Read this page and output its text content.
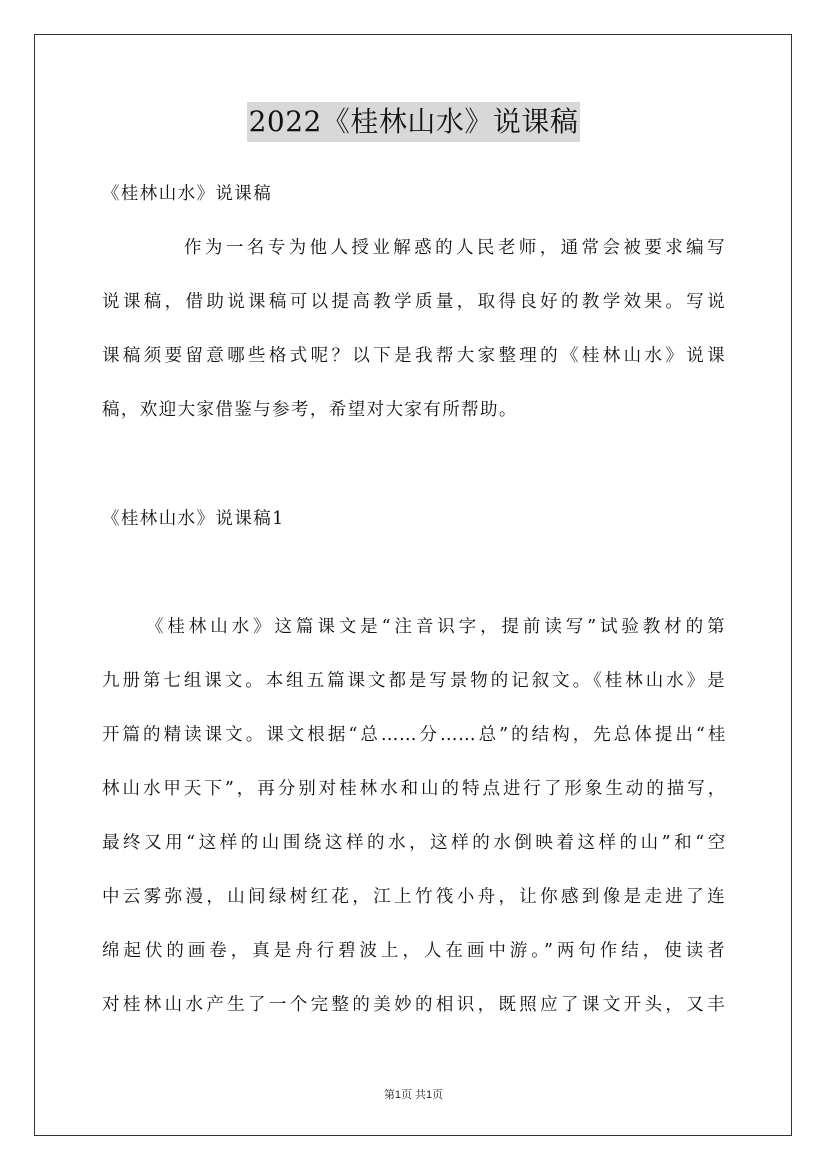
2022《桂林山水》说课稿
《桂林山水》说课稿
作为一名专为他人授业解惑的人民老师，通常会被要求编写
说课稿，借助说课稿可以提高教学质量，取得良好的教学效果。写说
课稿须要留意哪些格式呢？以下是我帮大家整理的《桂林山水》说课
稿，欢迎大家借鉴与参考，希望对大家有所帮助。
《桂林山水》说课稿1
《桂林山水》这篇课文是“注音识字，提前读写”试验教材的第
九册第七组课文。本组五篇课文都是写景物的记叙文。《桂林山水》是
开篇的精读课文。课文根据“总……分……总”的结构，先总体提出“桂
林山水甲天下”，再分别对桂林水和山的特点进行了形象生动的描写，
最终又用“这样的山围绕这样的水，这样的水倒映着这样的山”和“空
中云雾弥漫，山间绿树红花，江上竹筏小舟，让你感到像是走进了连
绵起伏的画卷，真是舟行碧波上，人在画中游。”两句作结，使读者
对桂林山水产生了一个完整的美妙的相识，既照应了课文开头，又丰
第1页 共1页
